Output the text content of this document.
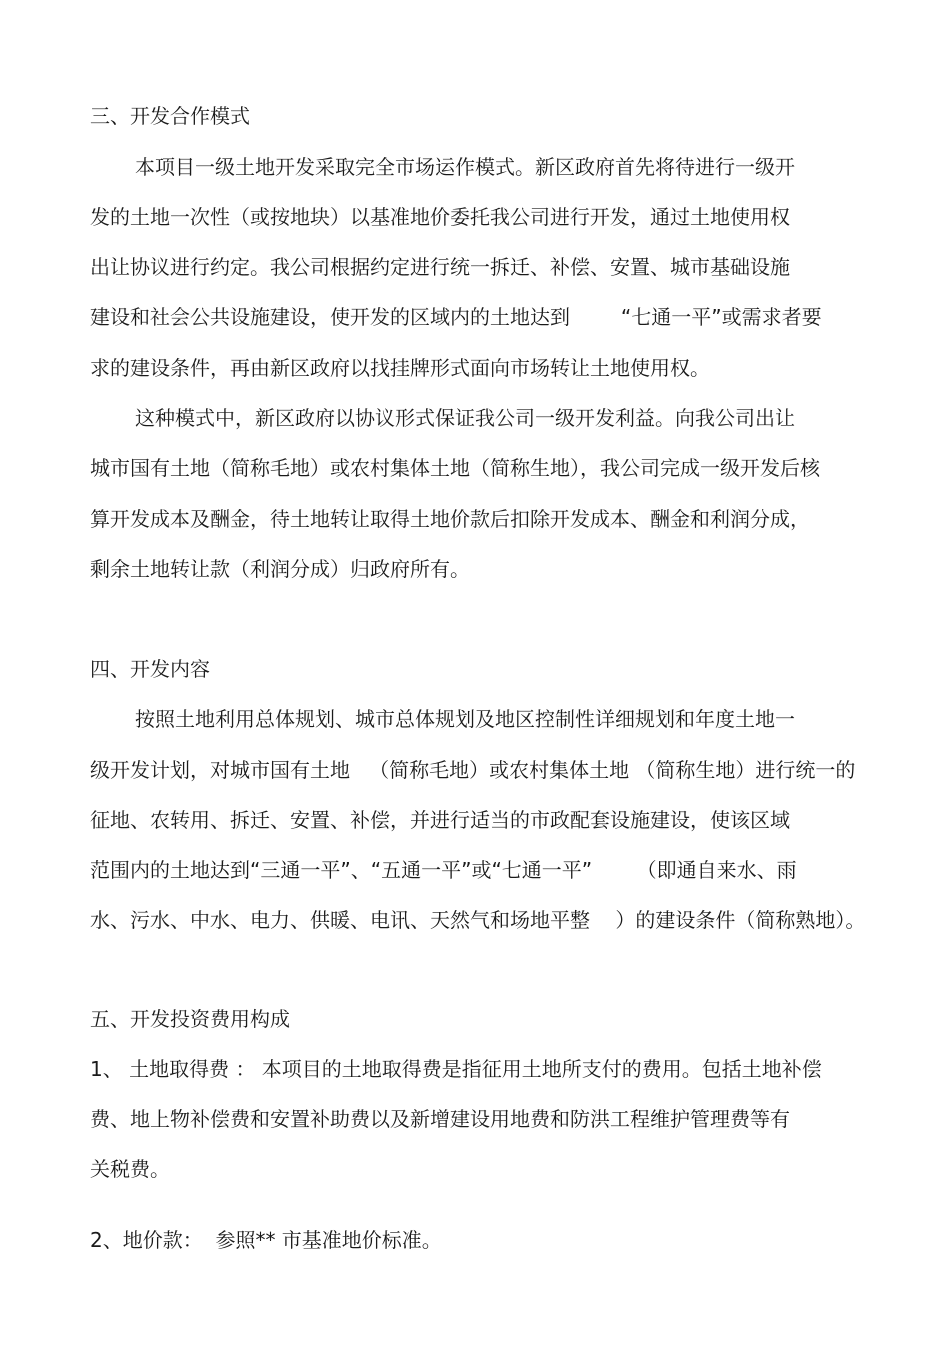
三、开发合作模式
本项目一级土地开发采取完全市场运作模式。新区政府首先将待进行一级开
发的土地一次性（或按地块）以基准地价委托我公司进行开发，通过土地使用权
出让协议进行约定。我公司根据约定进行统一拆迁、补偿、安置、城市基础设施
建设和社会公共设施建设，使开发的区域内的土地达到        “七通一平”或需求者要
求的建设条件，再由新区政府以找挂牌形式面向市场转让土地使用权。
这种模式中，新区政府以协议形式保证我公司一级开发利益。向我公司出让
城市国有土地（简称毛地）或农村集体土地（简称生地），我公司完成一级开发后核
算开发成本及酬金，待土地转让取得土地价款后扣除开发成本、酬金和利润分成，
剩余土地转让款（利润分成）归政府所有。
四、开发内容
按照土地利用总体规划、城市总体规划及地区控制性详细规划和年度土地一
级开发计划，对城市国有土地   （简称毛地）或农村集体土地 （简称生地）进行统一的
征地、农转用、拆迁、安置、补偿，并进行适当的市政配套设施建设，使该区域
范围内的土地达到“三通一平”、“五通一平”或“七通一平”       （即通自来水、雨
水、污水、中水、电力、供暖、电讯、天然气和场地平整    ）的建设条件（简称熟地）。
五、开发投资费用构成
1、 土地取得费 ： 本项目的土地取得费是指征用土地所支付的费用。包括土地补偿
费、地上物补偿费和安置补助费以及新增建设用地费和防洪工程维护管理费等有
关税费。
2、地价款：  参照** 市基准地价标准。
